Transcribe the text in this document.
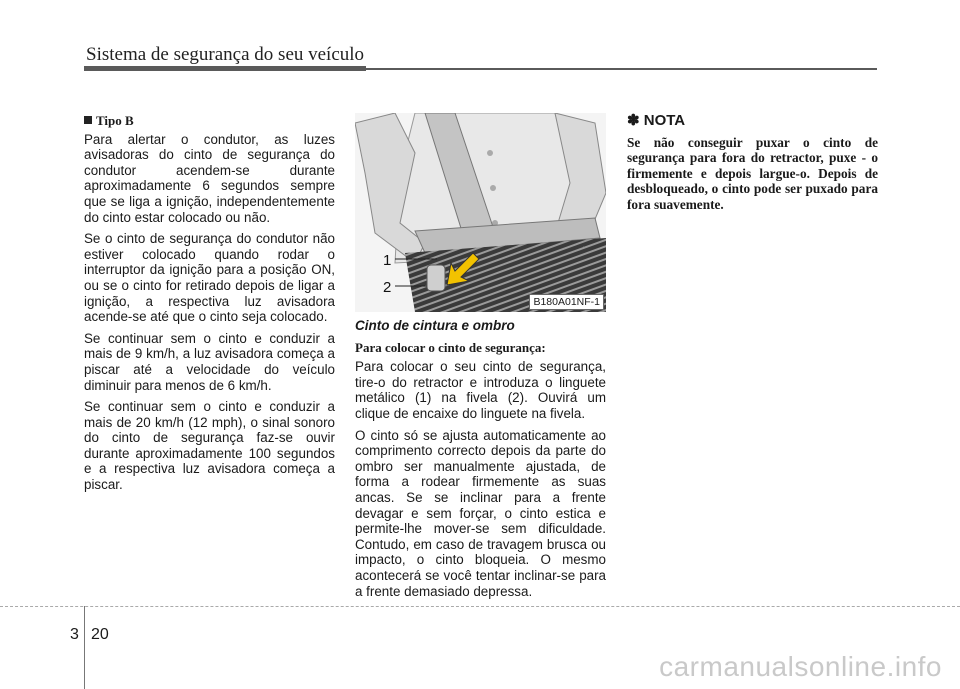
Sistema de segurança do seu veículo
Tipo B

Para alertar o condutor, as luzes avisadoras do cinto de segurança do condutor acendem-se durante aproximadamente 6 segundos sempre que se liga a ignição, independentemente do cinto estar colocado ou não.

Se o cinto de segurança do condutor não estiver colocado quando rodar o interruptor da ignição para a posição ON, ou se o cinto for retirado depois de ligar a ignição, a respectiva luz avisadora acende-se até que o cinto seja colocado.

Se continuar sem o cinto e conduzir a mais de 9 km/h, a luz avisadora começa a piscar até a velocidade do veículo diminuir para menos de 6 km/h.

Se continuar sem o cinto e conduzir a mais de 20 km/h (12 mph), o sinal sonoro do cinto de segurança faz-se ouvir durante aproximadamente 100 segundos e a respectiva luz avisadora começa a piscar.

1
2
B180A01NF-1
Cinto de cintura e ombro
Para colocar o cinto de segurança:

Para colocar o seu cinto de segurança, tire-o do retractor e introduza o linguete metálico (1) na fivela (2). Ouvirá um clique de encaixe do linguete na fivela.

O cinto só se ajusta automaticamente ao comprimento correcto depois da parte do ombro ser manualmente ajustada, de forma a rodear firmemente as suas ancas. Se se inclinar para a frente devagar e sem forçar, o cinto estica e permite-lhe mover-se sem dificuldade. Contudo, em caso de travagem brusca ou impacto, o cinto bloqueia. O mesmo acontecerá se você tentar inclinar-se para a frente demasiado depressa.

✽ NOTA

Se não conseguir puxar o cinto de segurança para fora do retractor, puxe - o firmemente e depois largue-o. Depois de desbloqueado, o cinto pode ser puxado para fora suavemente.

3 20
carmanualsonline.info
